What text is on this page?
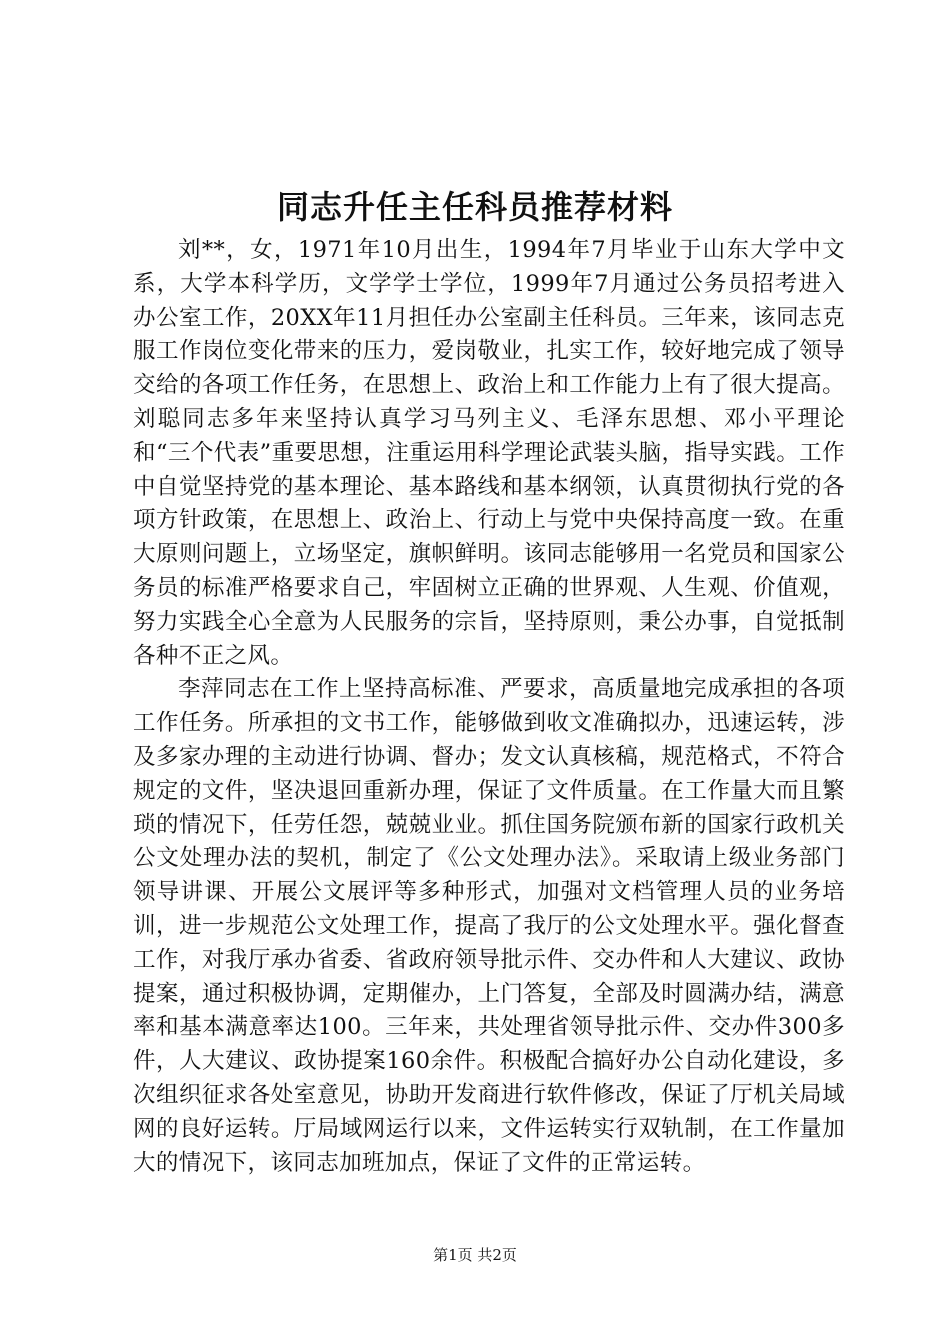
同志升任主任科员推荐材料

刘**，女，1971年10月出生，1994年7月毕业于山东大学中文系，大学本科学历，文学学士学位，1999年7月通过公务员招考进入办公室工作，20XX年11月担任办公室副主任科员。三年来，该同志克服工作岗位变化带来的压力，爱岗敬业，扎实工作，较好地完成了领导交给的各项工作任务，在思想上、政治上和工作能力上有了很大提高。刘聪同志多年来坚持认真学习马列主义、毛泽东思想、邓小平理论和“三个代表”重要思想，注重运用科学理论武装头脑，指导实践。工作中自觉坚持党的基本理论、基本路线和基本纲领，认真贯彻执行党的各项方针政策，在思想上、政治上、行动上与党中央保持高度一致。在重大原则问题上，立场坚定，旗帜鲜明。该同志能够用一名党员和国家公务员的标准严格要求自己，牢固树立正确的世界观、人生观、价值观，努力实践全心全意为人民服务的宗旨，坚持原则，秉公办事，自觉抵制各种不正之风。

李萍同志在工作上坚持高标准、严要求，高质量地完成承担的各项工作任务。所承担的文书工作，能够做到收文准确拟办，迅速运转，涉及多家办理的主动进行协调、督办；发文认真核稿，规范格式，不符合规定的文件，坚决退回重新办理，保证了文件质量。在工作量大而且繁琐的情况下，任劳任怨，兢兢业业。抓住国务院颁布新的国家行政机关公文处理办法的契机，制定了《公文处理办法》。采取请上级业务部门领导讲课、开展公文展评等多种形式，加强对文档管理人员的业务培训，进一步规范公文处理工作，提高了我厅的公文处理水平。强化督查工作，对我厅承办省委、省政府领导批示件、交办件和人大建议、政协提案，通过积极协调，定期催办，上门答复，全部及时圆满办结，满意率和基本满意率达100。三年来，共处理省领导批示件、交办件300多件，人大建议、政协提案160余件。积极配合搞好办公自动化建设，多次组织征求各处室意见，协助开发商进行软件修改，保证了厅机关局域网的良好运转。厅局域网运行以来，文件运转实行双轨制，在工作量加大的情况下，该同志加班加点，保证了文件的正常运转。

第1页 共2页
